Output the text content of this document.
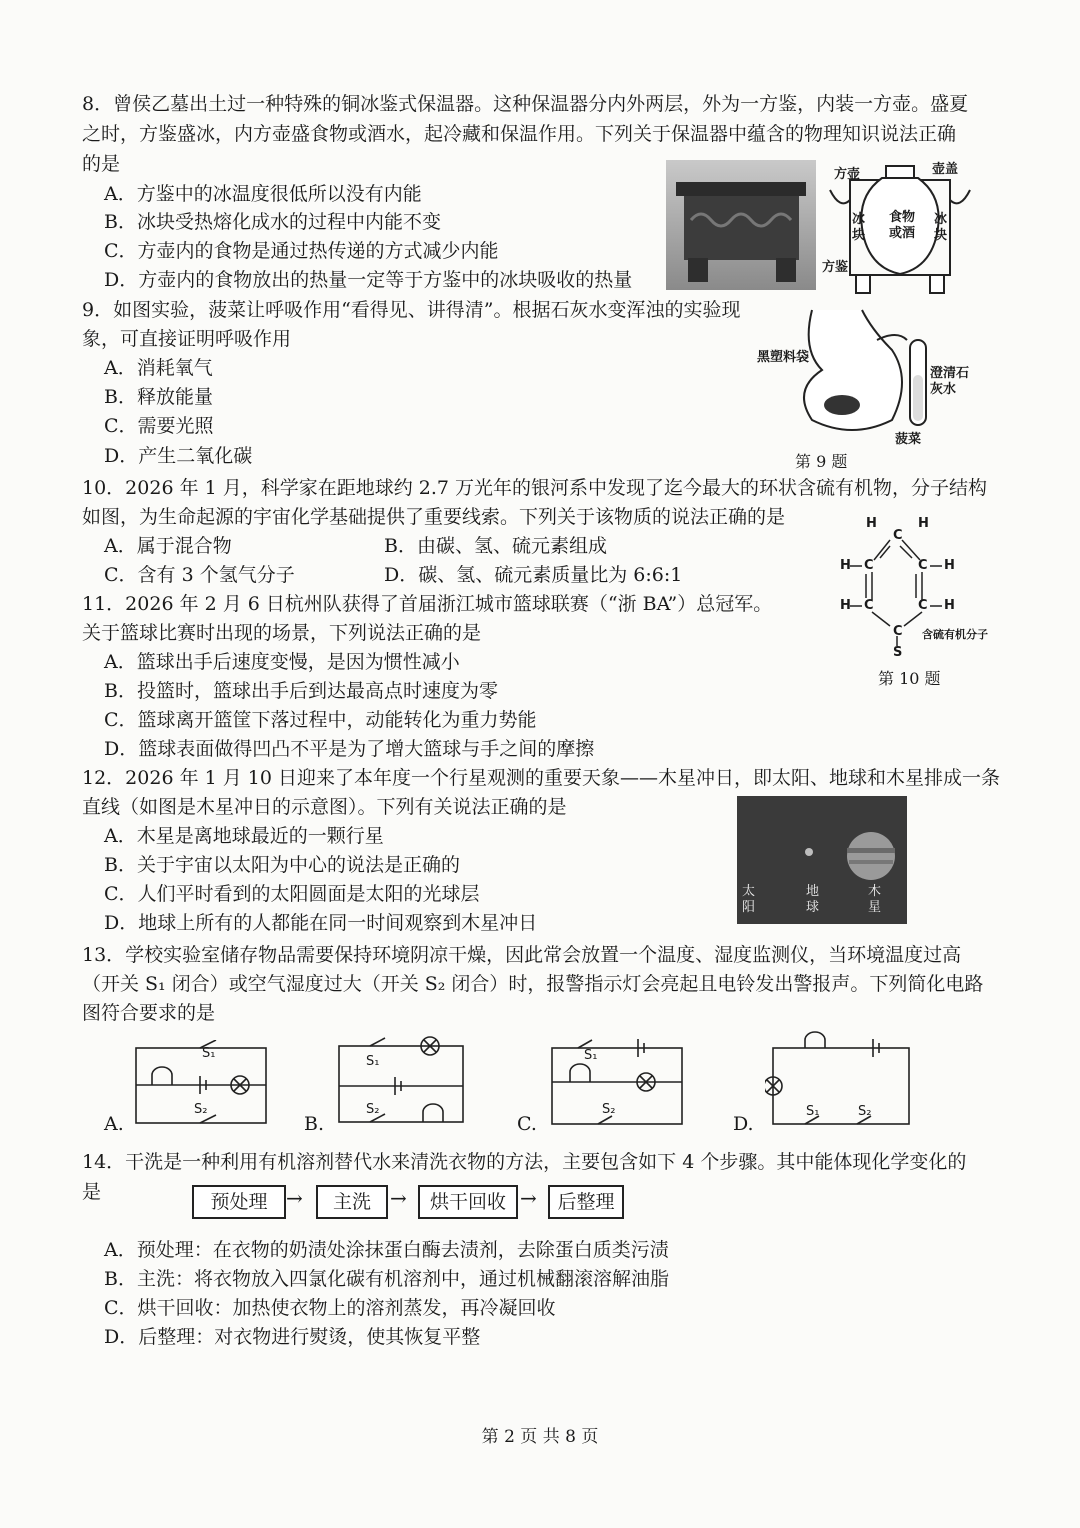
8．曾侯乙墓出土过一种特殊的铜冰鉴式保温器。这种保温器分内外两层，外为一方鉴，内装一方壶。盛夏
之时，方鉴盛冰，内方壶盛食物或酒水，起冷藏和保温作用。下列关于保温器中蕴含的物理知识说法正确
的是
A．方鉴中的冰温度很低所以没有内能
B．冰块受热熔化成水的过程中内能不变
C．方壶内的食物是通过热传递的方式减少内能
D．方壶内的食物放出的热量一定等于方鉴中的冰块吸收的热量
方壶	壶盖
冰块
冰块
食物或酒
方鉴
9．如图实验，菠菜让呼吸作用“看得见、讲得清”。根据石灰水变浑浊的实验现
象，可直接证明呼吸作用
A．消耗氧气
B．释放能量
C．需要光照
D．产生二氧化碳
黑塑料袋
澄清石灰水
菠菜
第 9 题
10．2026 年 1 月，科学家在距地球约 2.7 万光年的银河系中发现了迄今最大的环状含硫有机物，分子结构
如图，为生命起源的宇宙化学基础提供了重要线索。下列关于该物质的说法正确的是
A．属于混合物	B．由碳、氢、硫元素组成
C．含有 3 个氢气分子	D．碳、氢、硫元素质量比为 6:6:1
H	H
C
H C	C H
H C	C H
C
S
含硫有机分子
第 10 题
11．2026 年 2 月 6 日杭州队获得了首届浙江城市篮球联赛（“浙 BA”）总冠军。
关于篮球比赛时出现的场景，下列说法正确的是
A．篮球出手后速度变慢，是因为惯性减小
B．投篮时，篮球出手后到达最高点时速度为零
C．篮球离开篮筐下落过程中，动能转化为重力势能
D．篮球表面做得凹凸不平是为了增大篮球与手之间的摩擦
12．2026 年 1 月 10 日迎来了本年度一个行星观测的重要天象——木星冲日，即太阳、地球和木星排成一条
直线（如图是木星冲日的示意图）。下列有关说法正确的是
A．木星是离地球最近的一颗行星
B．关于宇宙以太阳为中心的说法是正确的
C．人们平时看到的太阳圆面是太阳的光球层
D．地球上所有的人都能在同一时间观察到木星冲日
太
阳
地
球
木
星
13．学校实验室储存物品需要保持环境阴凉干燥，因此常会放置一个温度、湿度监测仪，当环境温度过高
（开关 S₁ 闭合）或空气湿度过大（开关 S₂ 闭合）时，报警指示灯会亮起且电铃发出警报声。下列简化电路
图符合要求的是
S₁
S₂
A.
S₁
S₂
B.
S₁
S₂
C.
S₁	S₂
D.
14．干洗是一种利用有机溶剂替代水来清洗衣物的方法，主要包含如下 4 个步骤。其中能体现化学变化的
是	预处理 →	主洗 →	烘干回收 →	后整理
A．预处理：在衣物的奶渍处涂抹蛋白酶去渍剂，去除蛋白质类污渍
B．主洗：将衣物放入四氯化碳有机溶剂中，通过机械翻滚溶解油脂
C．烘干回收：加热使衣物上的溶剂蒸发，再冷凝回收
D．后整理：对衣物进行熨烫，使其恢复平整
第 2 页 共 8 页
